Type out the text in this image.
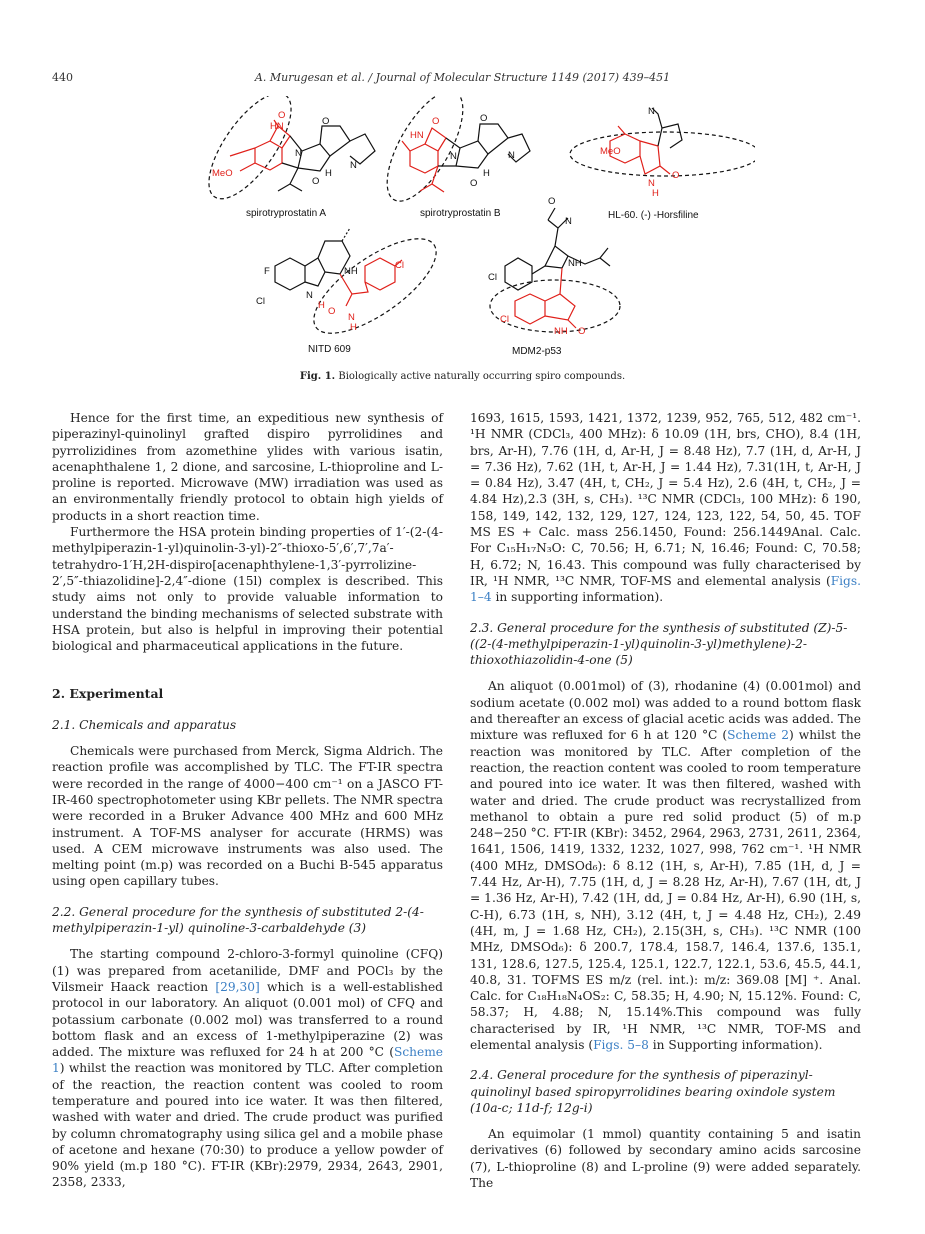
440	A. Murugesan et al. / Journal of Molecular Structure 1149 (2017) 439–451
HN
O
MeO
N
N
O
O
H
HN
O
N	N
O
O
H
MeO
N
H
O
N
F
Cl
N
NH
Cl
H
O
N
H
Cl
O
N
NH
Cl
NH O
spirotryprostatin A	spirotryprostatin B	HL-60. (-) -Horsfiline
NITD 609	MDM2-p53
Fig. 1. Biologically active naturally occurring spiro compounds.

Hence for the first time, an expeditious new synthesis of piperazinyl-quinolinyl grafted dispiro pyrrolidines and pyrrolizidines from azomethine ylides with various isatin, acenaphthalene 1, 2 dione, and sarcosine, L-thioproline and L-proline is reported. Microwave (MW) irradiation was used as an environmentally friendly protocol to obtain high yields of products in a short reaction time.

Furthermore the HSA protein binding properties of 1′-(2-(4-methylpiperazin-1-yl)quinolin-3-yl)-2″-thioxo-5′,6′,7′,7a′-tetrahydro-1′H,2H-dispiro[acenaphthylene-1,3′-pyrrolizine-2′,5″-thiazolidine]-2,4″-dione (15l) complex is described. This study aims not only to provide valuable information to understand the binding mechanisms of selected substrate with HSA protein, but also is helpful in improving their potential biological and pharmaceutical applications in the future.

2. Experimental
2.1. Chemicals and apparatus

Chemicals were purchased from Merck, Sigma Aldrich. The reaction profile was accomplished by TLC. The FT-IR spectra were recorded in the range of 4000−400 cm⁻¹ on a JASCO FT-IR-460 spectrophotometer using KBr pellets. The NMR spectra were recorded in a Bruker Advance 400 MHz and 600 MHz instrument. A TOF-MS analyser for accurate (HRMS) was used. A CEM microwave instruments was also used. The melting point (m.p) was recorded on a Buchi B-545 apparatus using open capillary tubes.

2.2. General procedure for the synthesis of substituted 2-(4-methylpiperazin-1-yl) quinoline-3-carbaldehyde (3)

The starting compound 2-chloro-3-formyl quinoline (CFQ) (1) was prepared from acetanilide, DMF and POCl₃ by the Vilsmeir Haack reaction [29,30] which is a well-established protocol in our laboratory. An aliquot (0.001 mol) of CFQ and potassium carbonate (0.002 mol) was transferred to a round bottom flask and an excess of 1-methylpiperazine (2) was added. The mixture was refluxed for 24 h at 200 °C (Scheme 1) whilst the reaction was monitored by TLC. After completion of the reaction, the reaction content was cooled to room temperature and poured into ice water. It was then filtered, washed with water and dried. The crude product was purified by column chromatography using silica gel and a mobile phase of acetone and hexane (70:30) to produce a yellow powder of 90% yield (m.p 180 °C). FT-IR (KBr):2979, 2934, 2643, 2901, 2358, 2333,

1693, 1615, 1593, 1421, 1372, 1239, 952, 765, 512, 482 cm⁻¹. ¹H NMR (CDCl₃, 400 MHz): δ 10.09 (1H, brs, CHO), 8.4 (1H, brs, Ar-H), 7.76 (1H, d, Ar-H, J = 8.48 Hz), 7.7 (1H, d, Ar-H, J = 7.36 Hz), 7.62 (1H, t, Ar-H, J = 1.44 Hz), 7.31(1H, t, Ar-H, J = 0.84 Hz), 3.47 (4H, t, CH₂, J = 5.4 Hz), 2.6 (4H, t, CH₂, J = 4.84 Hz),2.3 (3H, s, CH₃). ¹³C NMR (CDCl₃, 100 MHz): δ 190, 158, 149, 142, 132, 129, 127, 124, 123, 122, 54, 50, 45. TOF MS ES + Calc. mass 256.1450, Found: 256.1449Anal. Calc. For C₁₅H₁₇N₃O: C, 70.56; H, 6.71; N, 16.46; Found: C, 70.58; H, 6.72; N, 16.43. This compound was fully characterised by IR, ¹H NMR, ¹³C NMR, TOF-MS and elemental analysis (Figs. 1–4 in supporting information).

2.3. General procedure for the synthesis of substituted (Z)-5-((2-(4-methylpiperazin-1-yl)quinolin-3-yl)methylene)-2-thioxothiazolidin-4-one (5)

An aliquot (0.001mol) of (3), rhodanine (4) (0.001mol) and sodium acetate (0.002 mol) was added to a round bottom flask and thereafter an excess of glacial acetic acids was added. The mixture was refluxed for 6 h at 120 °C (Scheme 2) whilst the reaction was monitored by TLC. After completion of the reaction, the reaction content was cooled to room temperature and poured into ice water. It was then filtered, washed with water and dried. The crude product was recrystallized from methanol to obtain a pure red solid product (5) of m.p 248−250 °C. FT-IR (KBr): 3452, 2964, 2963, 2731, 2611, 2364, 1641, 1506, 1419, 1332, 1232, 1027, 998, 762 cm⁻¹. ¹H NMR (400 MHz, DMSOd₆): δ 8.12 (1H, s, Ar-H), 7.85 (1H, d, J = 7.44 Hz, Ar-H), 7.75 (1H, d, J = 8.28 Hz, Ar-H), 7.67 (1H, dt, J = 1.36 Hz, Ar-H), 7.42 (1H, dd, J = 0.84 Hz, Ar-H), 6.90 (1H, s, C-H), 6.73 (1H, s, NH), 3.12 (4H, t, J = 4.48 Hz, CH₂), 2.49 (4H, m, J = 1.68 Hz, CH₂), 2.15(3H, s, CH₃). ¹³C NMR (100 MHz, DMSOd₆): δ 200.7, 178.4, 158.7, 146.4, 137.6, 135.1, 131, 128.6, 127.5, 125.4, 125.1, 122.7, 122.1, 53.6, 45.5, 44.1, 40.8, 31. TOFMS ES m/z (rel. int.): m/z: 369.08 [M] ⁺. Anal. Calc. for C₁₈H₁₈N₄OS₂: C, 58.35; H, 4.90; N, 15.12%. Found: C, 58.37; H, 4.88; N, 15.14%.This compound was fully characterised by IR, ¹H NMR, ¹³C NMR, TOF-MS and elemental analysis (Figs. 5–8 in Supporting information).

2.4. General procedure for the synthesis of piperazinyl-quinolinyl based spiropyrrolidines bearing oxindole system (10a-c; 11d-f; 12g-i)

An equimolar (1 mmol) quantity containing 5 and isatin derivatives (6) followed by secondary amino acids sarcosine (7), L-thioproline (8) and L-proline (9) were added separately. The
